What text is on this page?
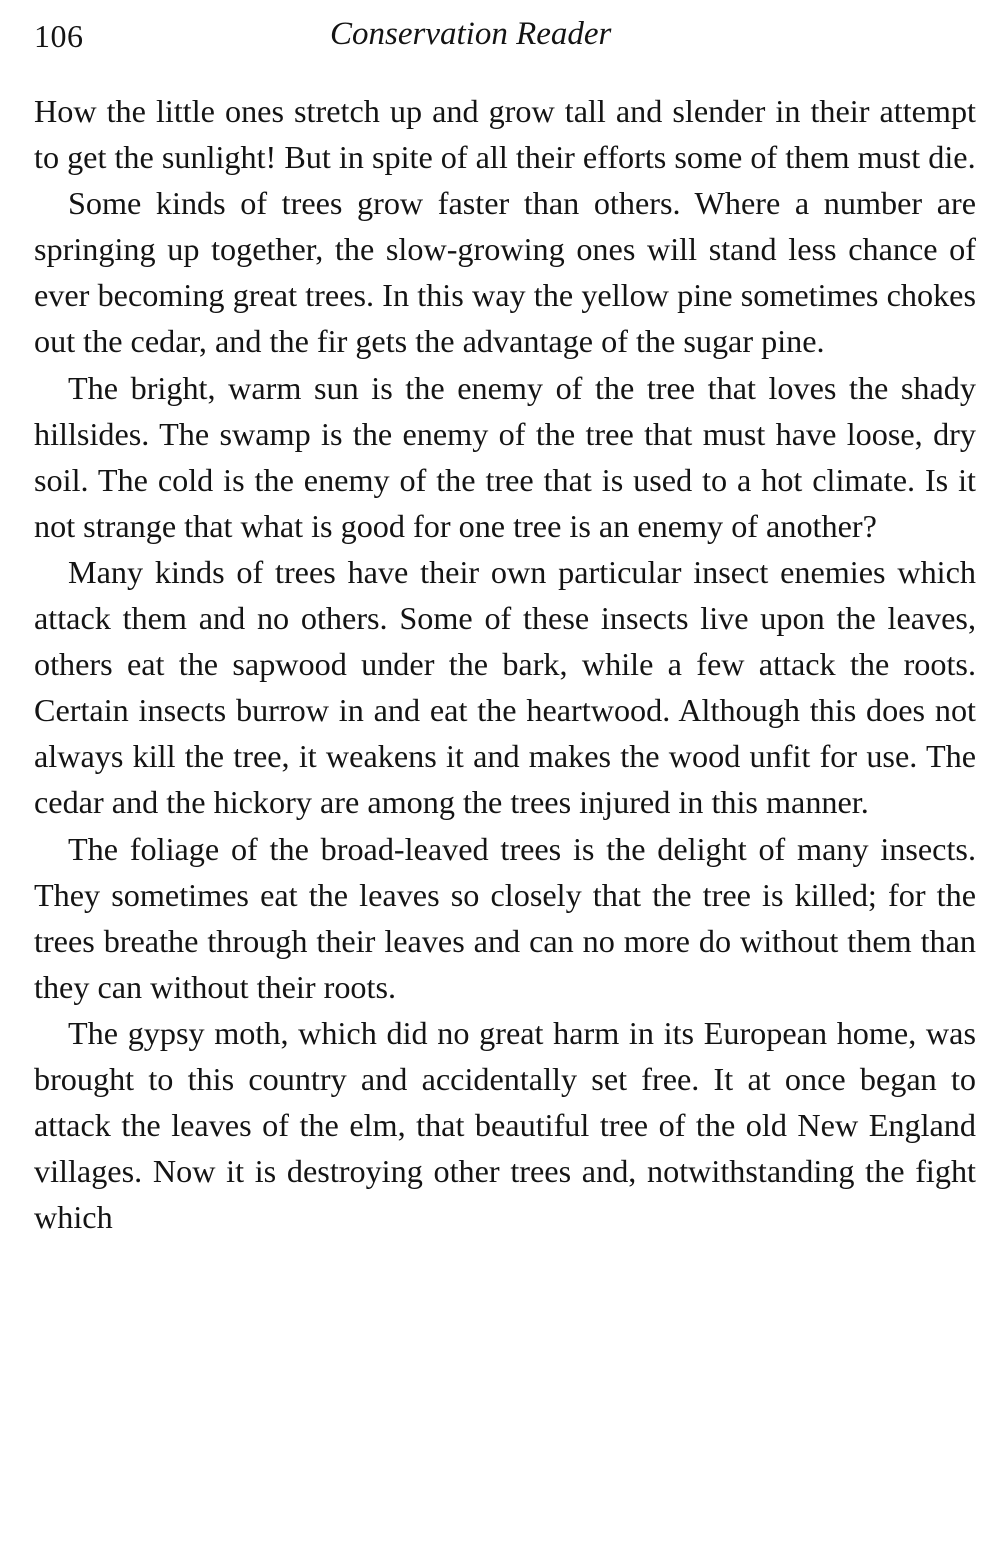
106	Conservation Reader

How the little ones stretch up and grow tall and slender in their attempt to get the sunlight! But in spite of all their efforts some of them must die.

Some kinds of trees grow faster than others. Where a number are springing up together, the slow-growing ones will stand less chance of ever becoming great trees. In this way the yellow pine sometimes chokes out the cedar, and the fir gets the advantage of the sugar pine.

The bright, warm sun is the enemy of the tree that loves the shady hillsides. The swamp is the enemy of the tree that must have loose, dry soil. The cold is the enemy of the tree that is used to a hot climate. Is it not strange that what is good for one tree is an enemy of another?

Many kinds of trees have their own particular insect enemies which attack them and no others. Some of these insects live upon the leaves, others eat the sapwood under the bark, while a few attack the roots. Certain insects burrow in and eat the heartwood. Although this does not always kill the tree, it weakens it and makes the wood unfit for use. The cedar and the hickory are among the trees injured in this manner.

The foliage of the broad-leaved trees is the delight of many insects. They sometimes eat the leaves so closely that the tree is killed; for the trees breathe through their leaves and can no more do without them than they can without their roots.

The gypsy moth, which did no great harm in its European home, was brought to this country and accidentally set free. It at once began to attack the leaves of the elm, that beautiful tree of the old New England villages. Now it is destroying other trees and, notwithstanding the fight which
